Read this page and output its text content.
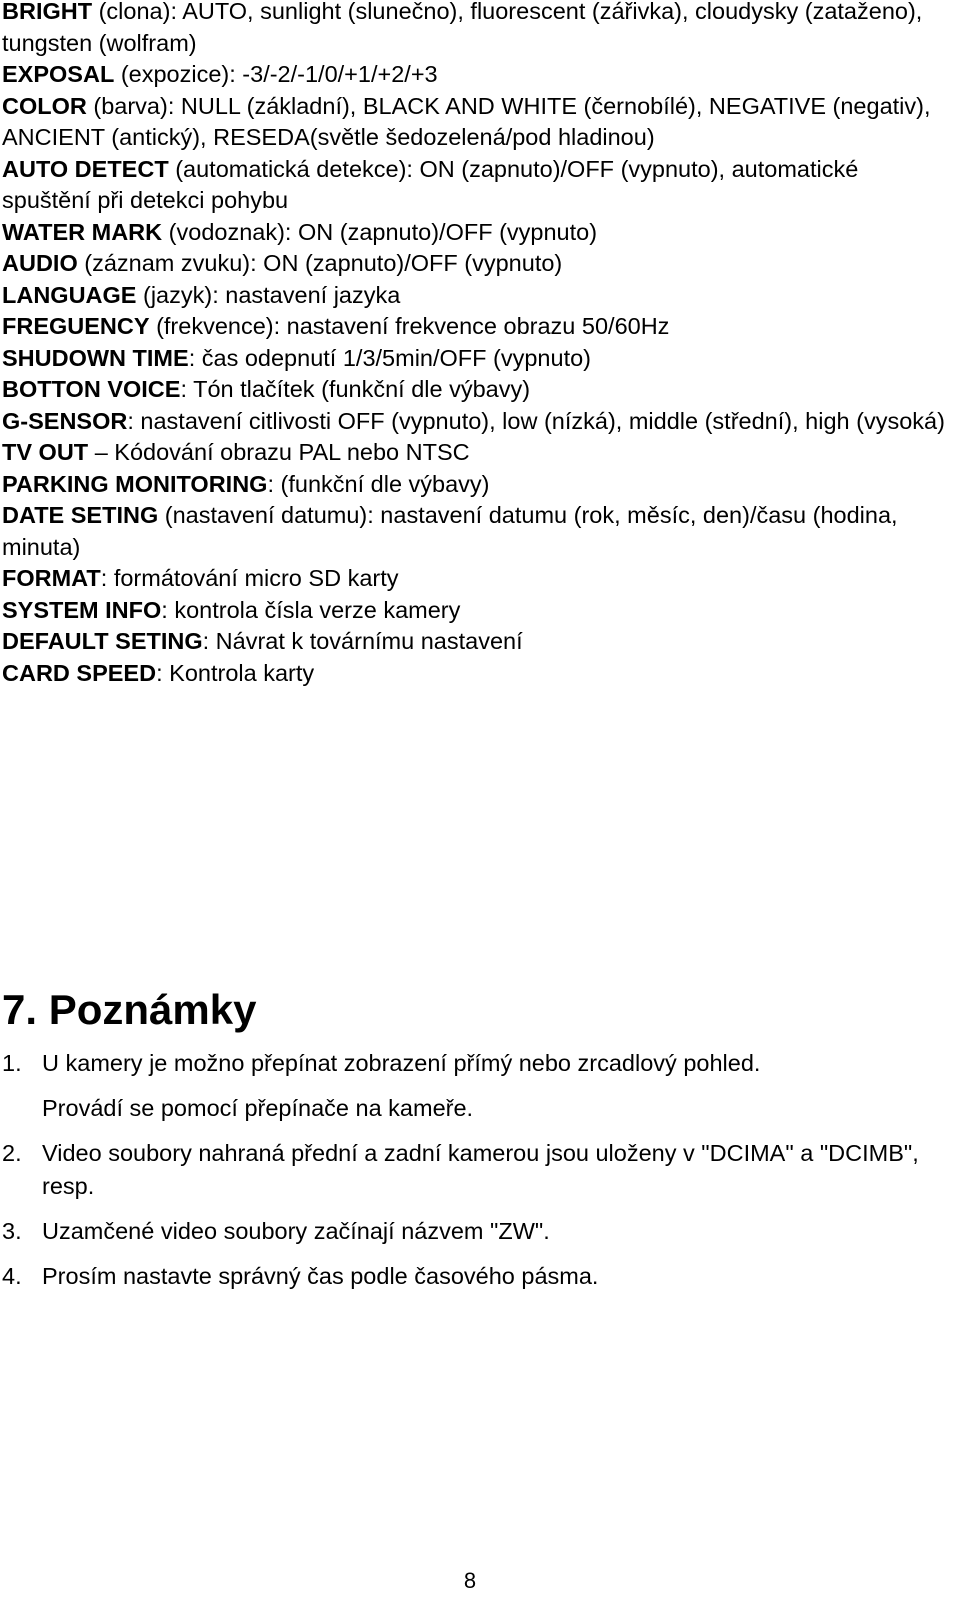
BRIGHT (clona): AUTO, sunlight (slunečno), fluorescent (zářivka), cloudysky (zataženo), tungsten (wolfram)

EXPOSAL (expozice): -3/-2/-1/0/+1/+2/+3

COLOR (barva): NULL (základní), BLACK AND WHITE (černobílé), NEGATIVE (negativ), ANCIENT (antický), RESEDA(světle šedozelená/pod hladinou)

AUTO DETECT (automatická detekce): ON (zapnuto)/OFF (vypnuto), automatické spuštění při detekci pohybu

WATER MARK (vodoznak): ON (zapnuto)/OFF (vypnuto)

AUDIO (záznam zvuku): ON (zapnuto)/OFF (vypnuto)

LANGUAGE (jazyk): nastavení jazyka

FREGUENCY (frekvence): nastavení frekvence obrazu 50/60Hz

SHUDOWN TIME: čas odepnutí 1/3/5min/OFF (vypnuto)

BOTTON VOICE: Tón tlačítek (funkční dle výbavy)

G-SENSOR: nastavení citlivosti OFF (vypnuto), low (nízká), middle (střední), high (vysoká)

TV OUT – Kódování obrazu PAL nebo NTSC

PARKING MONITORING: (funkční dle výbavy)

DATE SETING (nastavení datumu): nastavení datumu (rok, měsíc, den)/času (hodina, minuta)

FORMAT: formátování micro SD karty

SYSTEM INFO: kontrola čísla verze kamery

DEFAULT SETING: Návrat k továrnímu nastavení

CARD SPEED: Kontrola karty

7. Poznámky
1. U kamery je možno přepínat zobrazení přímý nebo zrcadlový pohled.
Provádí se pomocí přepínače na kameře.
2. Video soubory nahraná přední a zadní kamerou jsou uloženy v "DCIMA" a "DCIMB", resp.
3. Uzamčené video soubory začínají názvem "ZW".
4. Prosím nastavte správný čas podle časového pásma.
8
